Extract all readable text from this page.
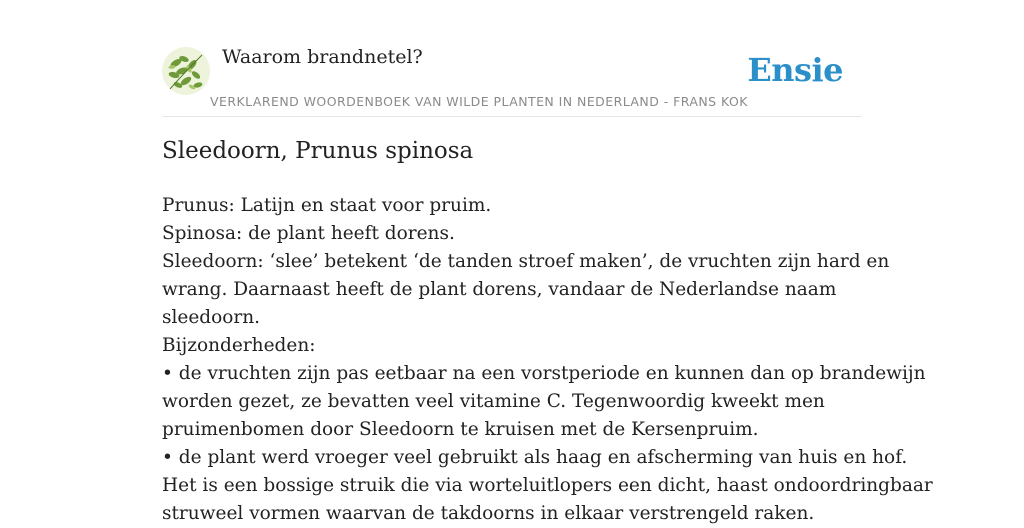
Waarom brandnetel?
VERKLAREND WOORDENBOEK VAN WILDE PLANTEN IN NEDERLAND - FRANS KOK
Ensie
Sleedoorn, Prunus spinosa
Prunus: Latijn en staat voor pruim.
Spinosa: de plant heeft dorens.
Sleedoorn: ‘slee’ betekent ‘de tanden stroef maken’, de vruchten zijn hard en
wrang. Daarnaast heeft de plant dorens, vandaar de Nederlandse naam
sleedoorn.
Bijzonderheden:
• de vruchten zijn pas eetbaar na een vorstperiode en kunnen dan op brandewijn
worden gezet, ze bevatten veel vitamine C. Tegenwoordig kweekt men
pruimenbomen door Sleedoorn te kruisen met de Kersenpruim.
• de plant werd vroeger veel gebruikt als haag en afscherming van huis en hof.
Het is een bossige struik die via worteluitlopers een dicht, haast ondoordringbaar
struweel vormen waarvan de takdoorns in elkaar verstrengeld raken.
